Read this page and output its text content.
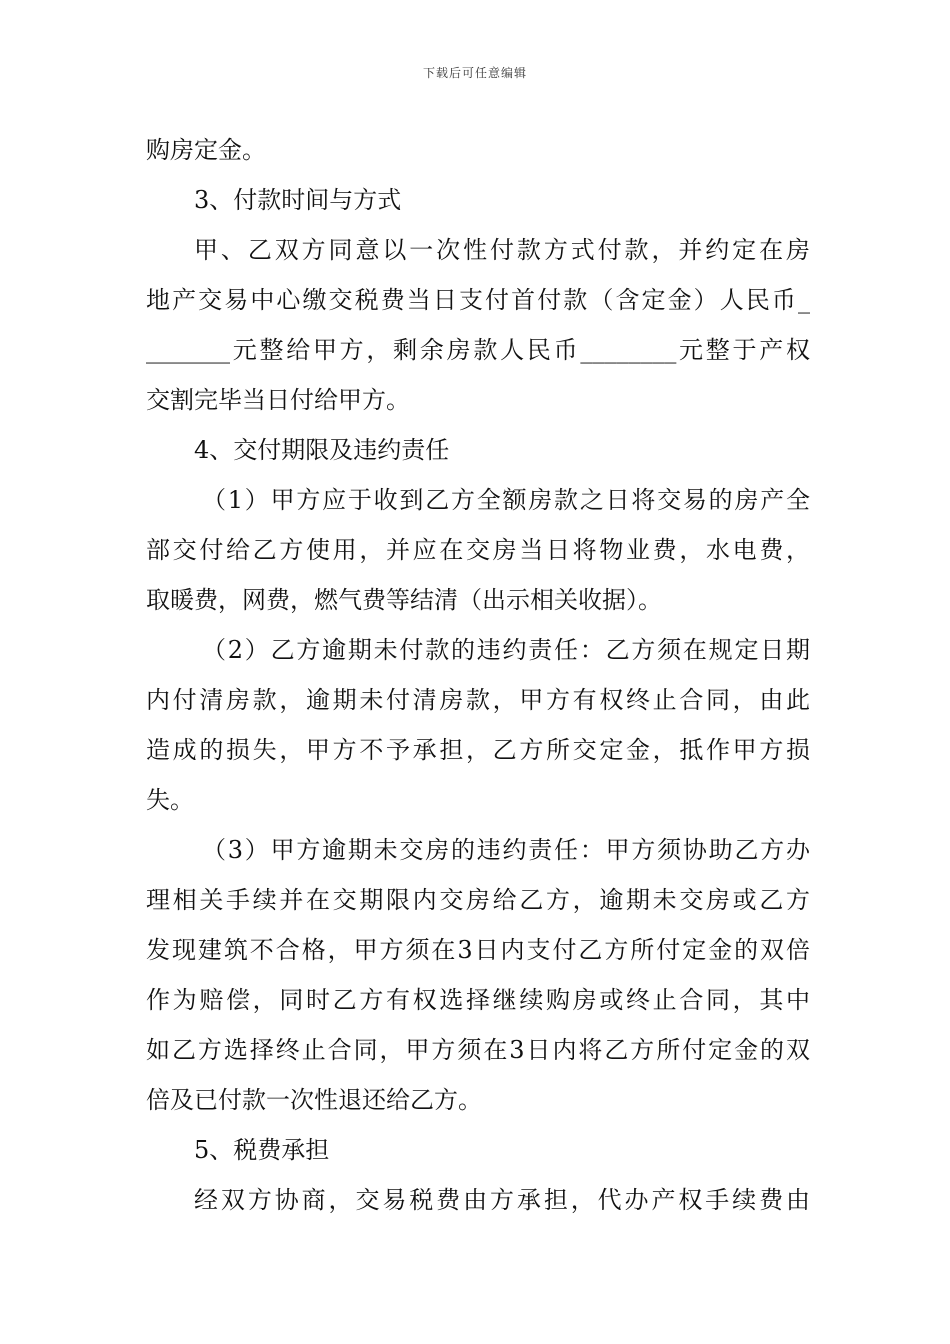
下载后可任意编辑
购房定金。
3、付款时间与方式
甲、乙双方同意以一次性付款方式付款，并约定在房
地产交易中心缴交税费当日支付首付款（含定金）人民币_
_______元整给甲方，剩余房款人民币________元整于产权
交割完毕当日付给甲方。
4、交付期限及违约责任
（1）甲方应于收到乙方全额房款之日将交易的房产全
部交付给乙方使用，并应在交房当日将物业费，水电费，
取暖费，网费，燃气费等结清（出示相关收据）。
（2）乙方逾期未付款的违约责任：乙方须在规定日期
内付清房款，逾期未付清房款，甲方有权终止合同，由此
造成的损失，甲方不予承担，乙方所交定金，抵作甲方损
失。
（3）甲方逾期未交房的违约责任：甲方须协助乙方办
理相关手续并在交期限内交房给乙方，逾期未交房或乙方
发现建筑不合格，甲方须在3日内支付乙方所付定金的双倍
作为赔偿，同时乙方有权选择继续购房或终止合同，其中
如乙方选择终止合同，甲方须在3日内将乙方所付定金的双
倍及已付款一次性退还给乙方。
5、税费承担
经双方协商，交易税费由方承担，代办产权手续费由
